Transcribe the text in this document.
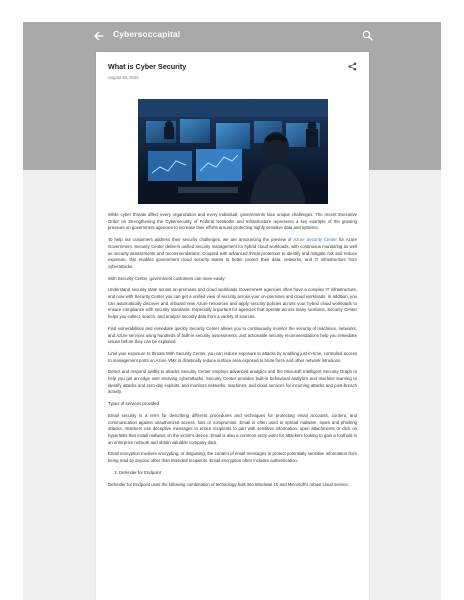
Cybersoccapital
What is Cyber Security
August 29, 2022

While cyber threats affect every organization and every individual, governments face unique challenges. The recent Executive Order on Strengthening the Cybersecurity of Federal Networks and Infrastructure represents a key example of the growing pressure on government agencies to increase their efforts around protecting highly sensitive data and systems.

To help our customers address their security challenges, we are announcing the preview of Azure Security Center for Azure Government. Security Center delivers unified security management for hybrid cloud workloads, with continuous monitoring as well as security assessments and recommendations. Coupled with advanced threat protection to identify and mitigate risk and reduce exposure, this enables government cloud security teams to better protect their data, networks, and IT infrastructure from cyberattacks.

With Security Center, government customers can more easily:

Understand security state across on-premises and cloud workloads Government agencies often have a complex IT infrastructure, and now with Security Center you can get a unified view of security across your on-premises and cloud workloads. In addition, you can automatically discover and onboard new Azure resources and apply security policies across your hybrid cloud workloads to ensure compliance with security standards. Especially important for agencies that operate across many locations, Security Center helps you collect, search, and analyze security data from a variety of sources.

Find vulnerabilities and remediate quickly Security Center allows you to continuously monitor the security of machines, networks, and Azure services using hundreds of built-in security assessments, and actionable security recommendations help you remediate issues before they can be exploited.

Limit your exposure to threats With Security Center, you can reduce exposure to attacks by enabling just-in-time, controlled access to management ports on Azure VMs to drastically reduce surface area exposed to brute force and other network intrusions.

Detect and respond swiftly to attacks Security Center employs advanced analytics and the Microsoft Intelligent Security Graph to help you get an edge over evolving cyberattacks. Security Center provides built-in behavioral analytics and machine learning to identify attacks and zero-day exploits, and monitors networks, machines, and cloud services for incoming attacks and post-breach activity.

Types of services provided

Email security is a term for describing different procedures and techniques for protecting email accounts, content, and communication against unauthorized access, loss or compromise. Email is often used to spread malware, spam and phishing attacks. Attackers use deceptive messages to entice recipients to part with sensitive information, open attachments or click on hyperlinks that install malware on the victim's device. Email is also a common entry point for attackers looking to gain a foothold in an enterprise network and obtain valuable company data.

Email encryption involves encrypting, or disguising, the content of email messages to protect potentially sensitive information from being read by anyone other than intended recipients. Email encryption often includes authentication.

2. Defender for Endpoint

Defender for Endpoint uses the following combination of technology built into Windows 10 and Microsoft's robust cloud service:
